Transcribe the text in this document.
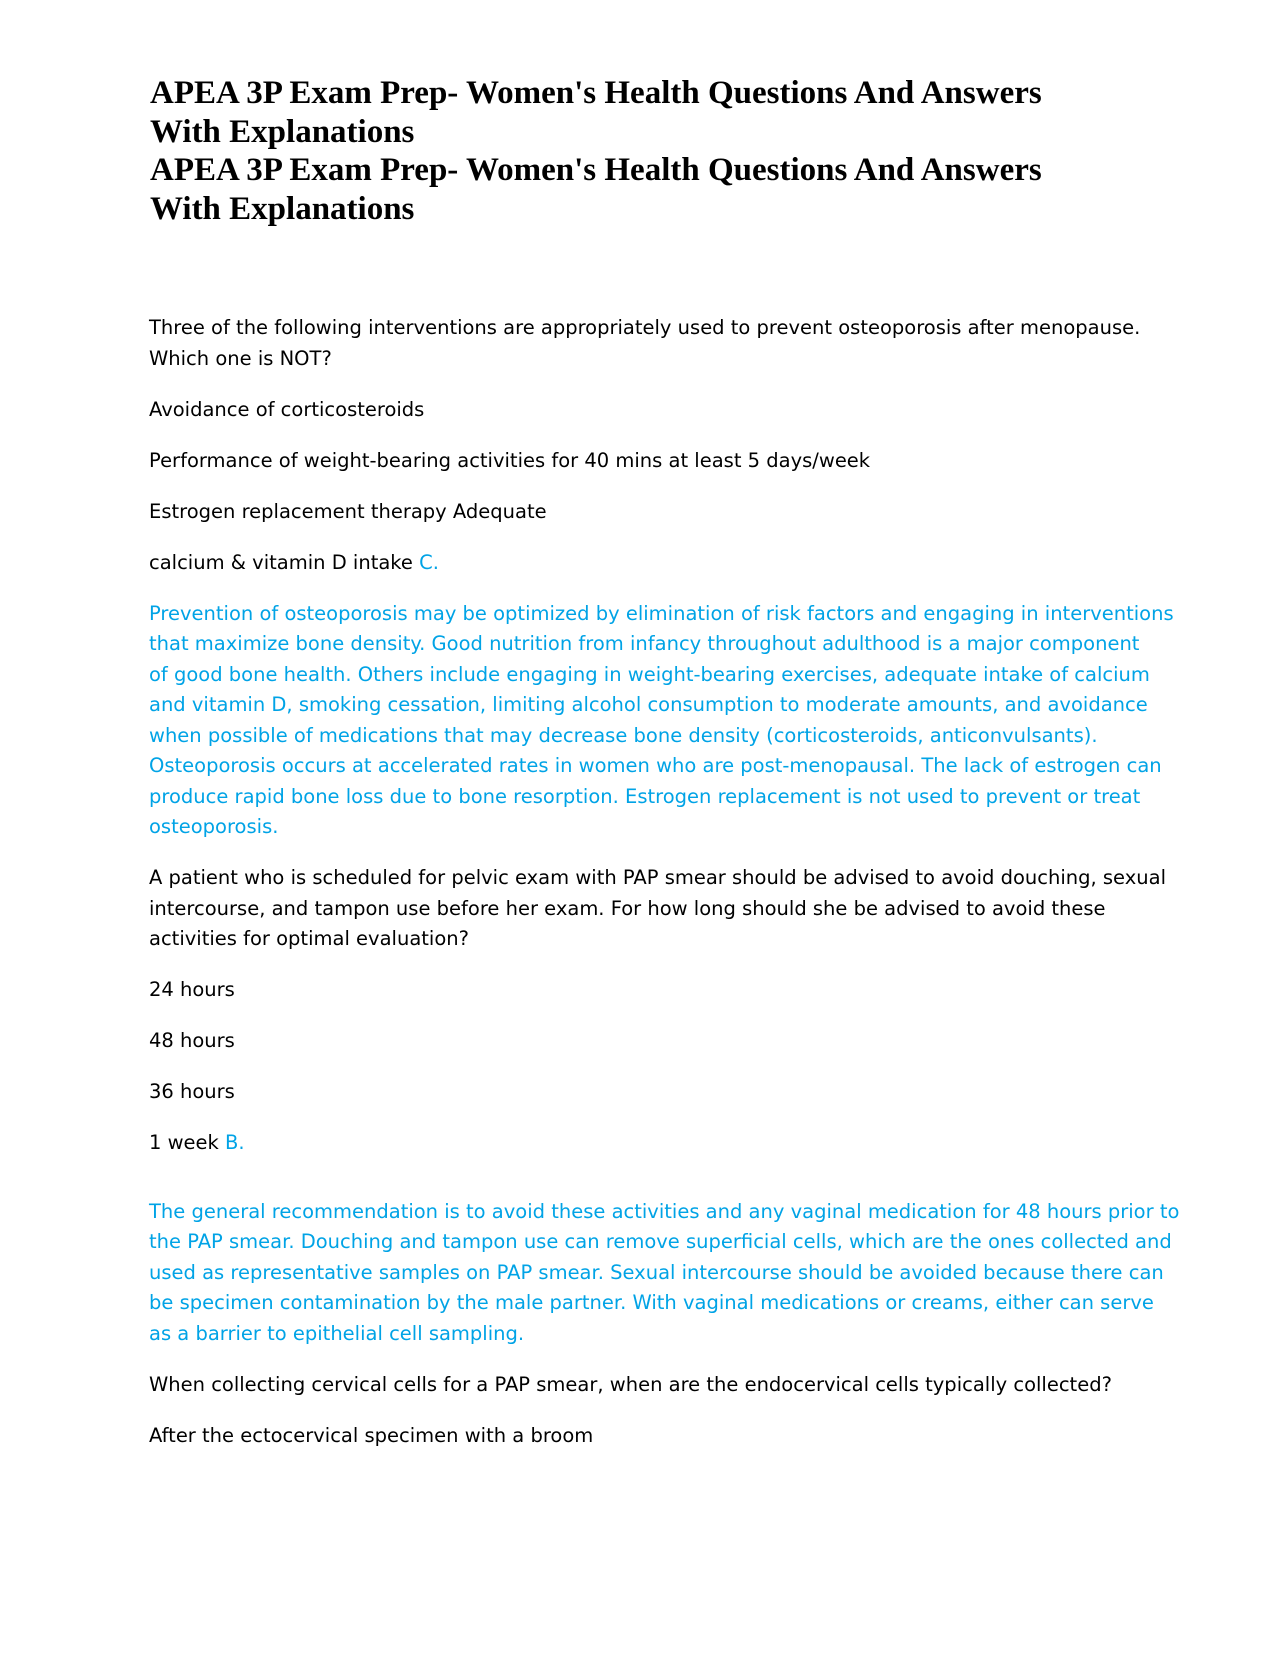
APEA 3P Exam Prep- Women's Health Questions And Answers
With Explanations
APEA 3P Exam Prep- Women's Health Questions And Answers
With Explanations
Three of the following interventions are appropriately used to prevent osteoporosis after menopause.
Which one is NOT?
Avoidance of corticosteroids
Performance of weight-bearing activities for 40 mins at least 5 days/week
Estrogen replacement therapy Adequate
calcium & vitamin D intake C.
Prevention of osteoporosis may be optimized by elimination of risk factors and engaging in interventions
that maximize bone density. Good nutrition from infancy throughout adulthood is a major component
of good bone health. Others include engaging in weight-bearing exercises, adequate intake of calcium
and vitamin D, smoking cessation, limiting alcohol consumption to moderate amounts, and avoidance
when possible of medications that may decrease bone density (corticosteroids, anticonvulsants).
Osteoporosis occurs at accelerated rates in women who are post-menopausal. The lack of estrogen can
produce rapid bone loss due to bone resorption. Estrogen replacement is not used to prevent or treat
osteoporosis.
A patient who is scheduled for pelvic exam with PAP smear should be advised to avoid douching, sexual
intercourse, and tampon use before her exam. For how long should she be advised to avoid these
activities for optimal evaluation?
24 hours
48 hours
36 hours
1 week B.
The general recommendation is to avoid these activities and any vaginal medication for 48 hours prior to
the PAP smear. Douching and tampon use can remove superficial cells, which are the ones collected and
used as representative samples on PAP smear. Sexual intercourse should be avoided because there can
be specimen contamination by the male partner. With vaginal medications or creams, either can serve
as a barrier to epithelial cell sampling.
When collecting cervical cells for a PAP smear, when are the endocervical cells typically collected?
After the ectocervical specimen with a broom
